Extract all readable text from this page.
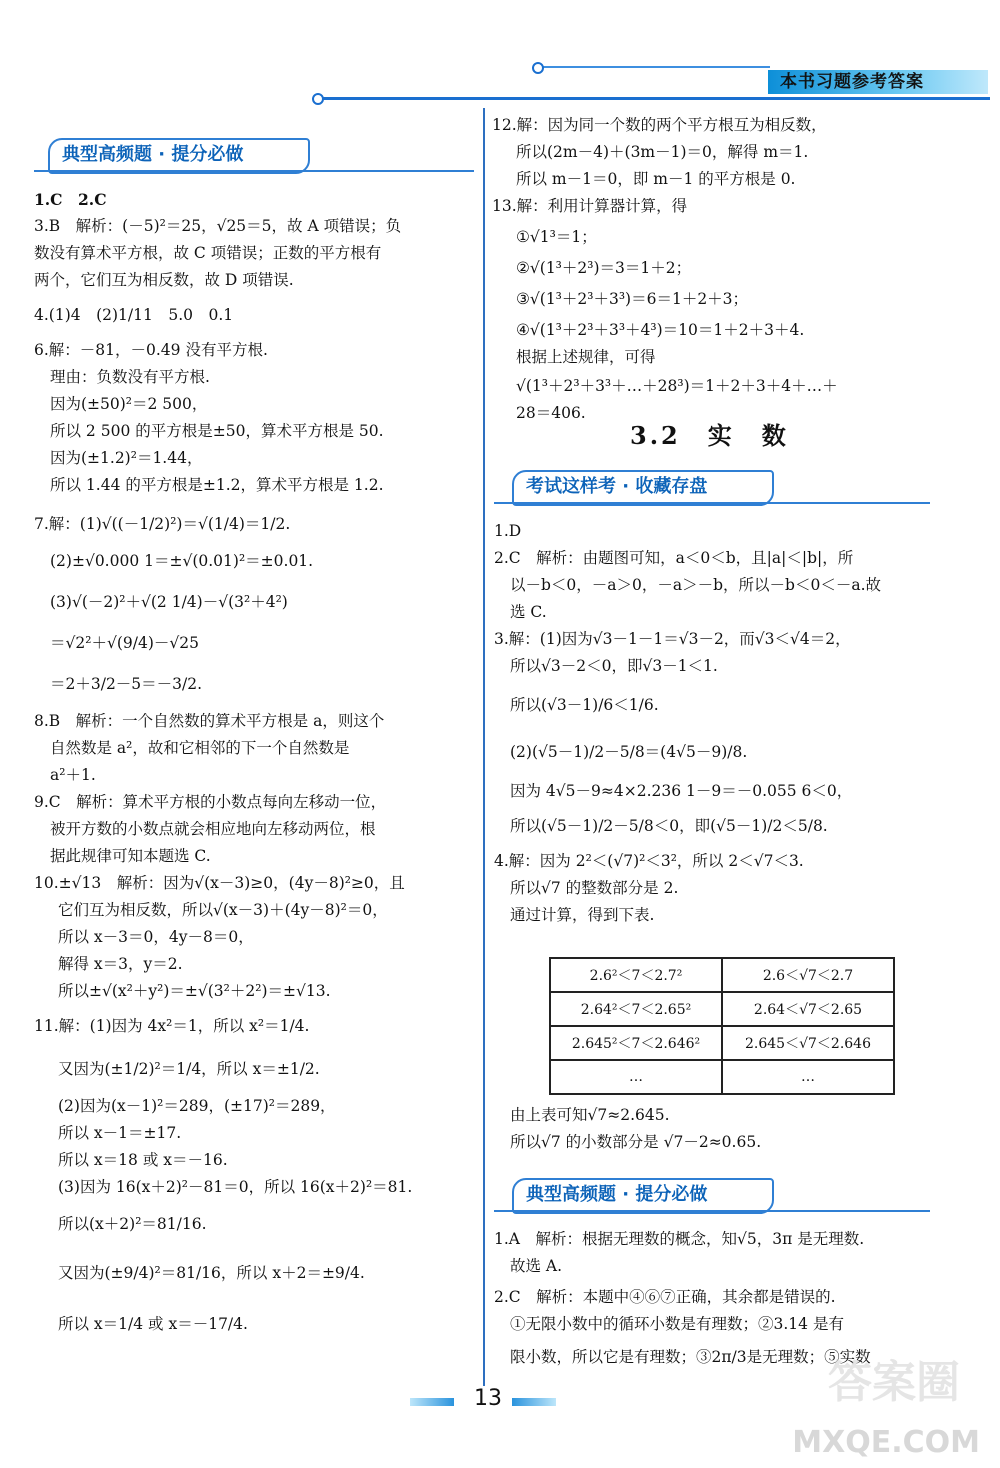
本书习题参考答案
典型高频题 · 提分必做

1.C　2.C

3.B　解析：(－5)²＝25，√25＝5，故 A 项错误；负

数没有算术平方根，故 C 项错误；正数的平方根有

两个，它们互为相反数，故 D 项错误.

4.(1)4　(2)1/11　5.0　0.1

6.解：－81，－0.49 没有平方根.

理由：负数没有平方根.

因为(±50)²＝2 500，

所以 2 500 的平方根是±50，算术平方根是 50.

因为(±1.2)²＝1.44，

所以 1.44 的平方根是±1.2，算术平方根是 1.2.

7.解：(1)√((－1/2)²)＝√(1/4)＝1/2.

(2)±√0.000 1＝±√(0.01)²＝±0.01.

(3)√(－2)²＋√(2 1/4)－√(3²＋4²)

＝√2²＋√(9/4)－√25

＝2＋3/2－5＝－3/2.

8.B　解析：一个自然数的算术平方根是 a，则这个

自然数是 a²，故和它相邻的下一个自然数是

a²＋1.

9.C　解析：算术平方根的小数点每向左移动一位，

被开方数的小数点就会相应地向左移动两位，根

据此规律可知本题选 C.

10.±√13　解析：因为√(x－3)≥0，(4y－8)²≥0，且

它们互为相反数，所以√(x－3)＋(4y－8)²＝0，

所以 x－3＝0，4y－8＝0，

解得 x＝3，y＝2.

所以±√(x²＋y²)＝±√(3²＋2²)＝±√13.

11.解：(1)因为 4x²＝1，所以 x²＝1/4.

又因为(±1/2)²＝1/4，所以 x＝±1/2.

(2)因为(x－1)²＝289，(±17)²＝289，

所以 x－1＝±17.

所以 x＝18 或 x＝－16.

(3)因为 16(x＋2)²－81＝0，所以 16(x＋2)²＝81.

所以(x＋2)²＝81/16.

又因为(±9/4)²＝81/16，所以 x＋2＝±9/4.

所以 x＝1/4 或 x＝－17/4.

12.解：因为同一个数的两个平方根互为相反数，

所以(2m－4)＋(3m－1)＝0，解得 m＝1.

所以 m－1＝0，即 m－1 的平方根是 0.

13.解：利用计算器计算，得

①√1³＝1；

②√(1³＋2³)＝3＝1＋2；

③√(1³＋2³＋3³)＝6＝1＋2＋3；

④√(1³＋2³＋3³＋4³)＝10＝1＋2＋3＋4.

根据上述规律，可得

√(1³＋2³＋3³＋…＋28³)＝1＋2＋3＋4＋…＋

28＝406.

3.2　实　数
考试这样考 · 收藏存盘

1.D

2.C　解析：由题图可知，a＜0＜b，且|a|＜|b|，所

以－b＜0，－a＞0，－a＞－b，所以－b＜0＜－a.故

选 C.

3.解：(1)因为√3－1－1＝√3－2，而√3＜√4＝2，

所以√3－2＜0，即√3－1＜1.

所以(√3－1)/6＜1/6.

(2)(√5－1)/2－5/8＝(4√5－9)/8.

因为 4√5－9≈4×2.236 1－9＝－0.055 6＜0，

所以(√5－1)/2－5/8＜0，即(√5－1)/2＜5/8.

4.解：因为 2²＜(√7)²＜3²，所以 2＜√7＜3.

所以√7 的整数部分是 2.

通过计算，得到下表.

2.6²＜7＜2.7²	2.6＜√7＜2.7
2.64²＜7＜2.65²	2.64＜√7＜2.65
2.645²＜7＜2.646²	2.645＜√7＜2.646
…	…

由上表可知√7≈2.645.

所以√7 的小数部分是 √7－2≈0.65.

典型高频题 · 提分必做

1.A　解析：根据无理数的概念，知√5，3π 是无理数.

故选 A.

2.C　解析：本题中④⑥⑦正确，其余都是错误的.

①无限小数中的循环小数是有理数；②3.14 是有

限小数，所以它是有理数；③2π/3是无理数；⑤实数

13	答案圈
MXQE.COM
